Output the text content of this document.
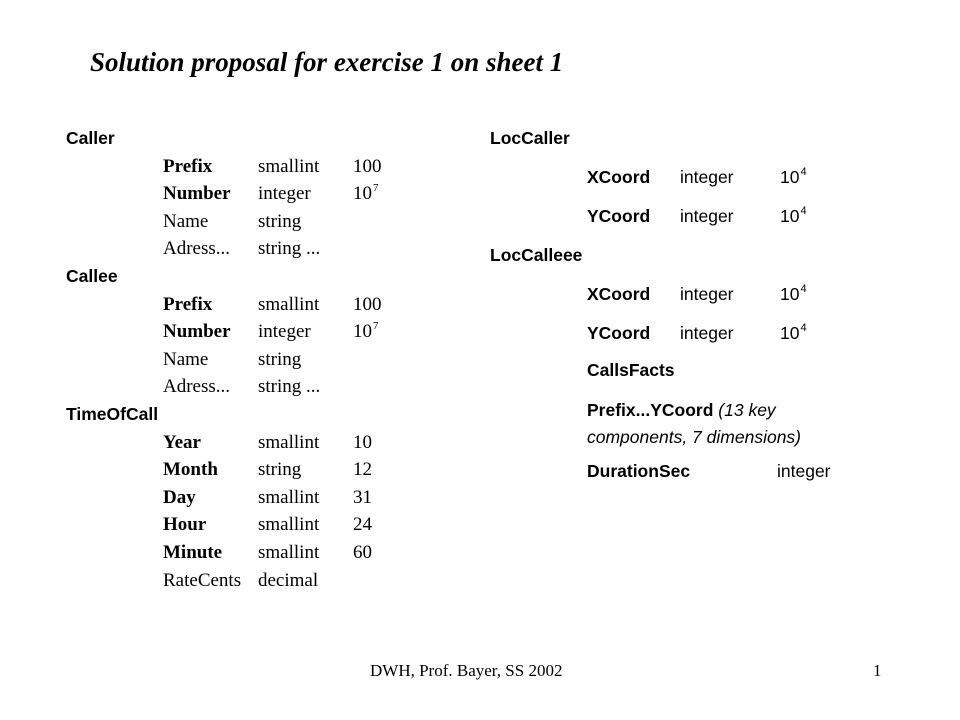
Solution proposal for exercise 1 on sheet 1
Caller
Prefix	smallint	100
Number	integer	$10^7$
Name	string
Adress...	string ...
Callee
Prefix	smallint	100
Number	integer	$10^7$
Name	string
Adress...	string ...
TimeOfCall
Year	smallint	10
Month	string	12
Day	smallint	31
Hour	smallint	24
Minute	smallint	60
RateCents decimal
LocCaller
XCoord	integer	$10^4$
YCoord	integer	$10^4$
LocCalleee
XCoord	integer	$10^4$
YCoord	integer	$10^4$
CallsFacts
Prefix...YCoord (13 key components, 7 dimensions)
DurationSec	integer
DWH, Prof. Bayer, SS 2002	1
